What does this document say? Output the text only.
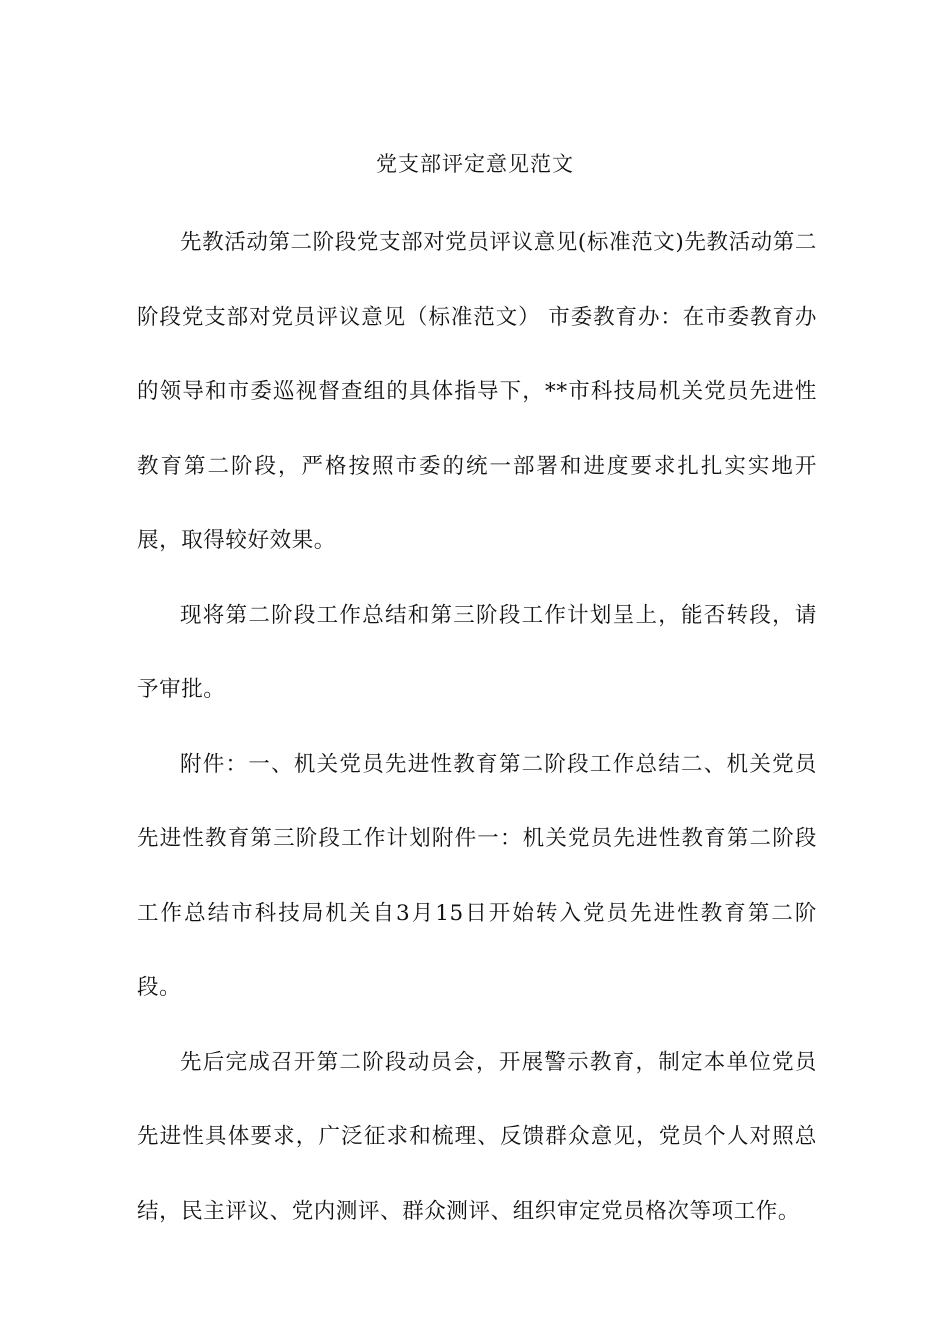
党支部评定意见范文

先教活动第二阶段党支部对党员评议意见(标准范文)先教活动第二阶段党支部对党员评议意见（标准范文） 市委教育办：在市委教育办的领导和市委巡视督查组的具体指导下，**市科技局机关党员先进性教育第二阶段，严格按照市委的统一部署和进度要求扎扎实实地开展，取得较好效果。

现将第二阶段工作总结和第三阶段工作计划呈上，能否转段，请予审批。

附件：一、机关党员先进性教育第二阶段工作总结二、机关党员先进性教育第三阶段工作计划附件一：机关党员先进性教育第二阶段工作总结市科技局机关自3月15日开始转入党员先进性教育第二阶段。

先后完成召开第二阶段动员会，开展警示教育，制定本单位党员先进性具体要求，广泛征求和梳理、反馈群众意见，党员个人对照总结，民主评议、党内测评、群众测评、组织审定党员格次等项工作。
